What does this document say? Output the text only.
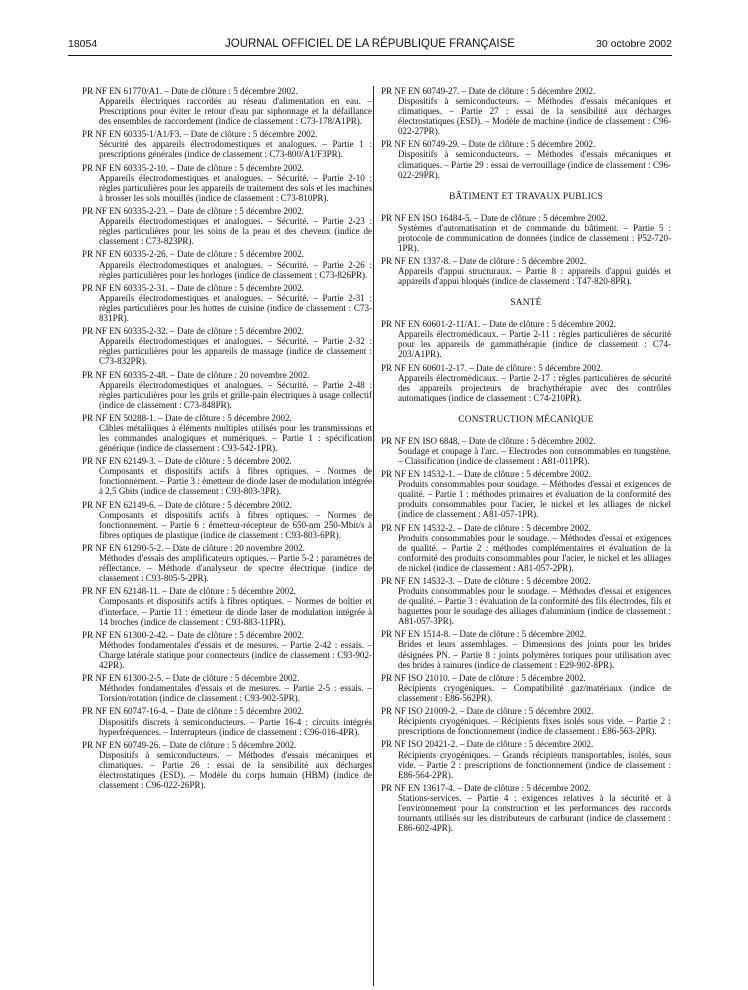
18054	JOURNAL OFFICIEL DE LA RÉPUBLIQUE FRANÇAISE	30 octobre 2002
PR NF EN 61770/A1. – Date de clôture : 5 décembre 2002.
Appareils électriques raccordés au réseau d'alimentation en eau. – Prescriptions pour éviter le retour d'eau par siphonnage et la défaillance des ensembles de raccordement (indice de classement : C73-178/A1PR).
PR NF EN 60335-1/A1/F3. – Date de clôture : 5 décembre 2002.
Sécurité des appareils électrodomestiques et analogues. – Partie 1 : prescriptions générales (indice de classement : C73-800/A1/F3PR).
PR NF EN 60335-2-10. – Date de clôture : 5 décembre 2002.
Appareils électrodomestiques et analogues. – Sécurité. – Partie 2-10 : règles particulières pour les appareils de traitement des sols et les machines à brosser les sols mouillés (indice de classement : C73-810PR).
PR NF EN 60335-2-23. – Date de clôture : 5 décembre 2002.
Appareils électrodomestiques et analogues. – Sécurité. – Partie 2-23 : règles particulières pour les soins de la peau et des cheveux (indice de classement : C73-823PR).
PR NF EN 60335-2-26. – Date de clôture : 5 décembre 2002.
Appareils électrodomestiques et analogues. – Sécurité. – Partie 2-26 : règles particulières pour les horloges (indice de classement : C73-826PR).
PR NF EN 60335-2-31. – Date de clôture : 5 décembre 2002.
Appareils électrodomestiques et analogues. – Sécurité. – Partie 2-31 : règles particulières pour les hottes de cuisine (indice de classement : C73-831PR).
PR NF EN 60335-2-32. – Date de clôture : 5 décembre 2002.
Appareils électrodomestiques et analogues. – Sécurité. – Partie 2-32 : règles particulières pour les appareils de massage (indice de classement : C73-832PR).
PR NF EN 60335-2-48. – Date de clôture : 20 novembre 2002.
Appareils électrodomestiques et analogues. – Sécurité. – Partie 2-48 : règles particulières pour les grils et grille-pain électriques à usage collectif (indice de classement : C73-848PR).
PR NF EN 50288-1. – Date de clôture : 5 décembre 2002.
Câbles métalliques à éléments multiples utilisés pour les transmissions et les commandes analogiques et numériques. – Partie 1 : spécification générique (indice de classement : C93-542-1PR).
PR NF EN 62149-3. – Date de clôture : 5 décembre 2002.
Composants et dispositifs actifs à fibres optiques. – Normes de fonctionnement. – Partie 3 : émetteur de diode laser de modulation intégrée à 2,5 Gbits (indice de classement : C93-803-3PR).
PR NF EN 62149-6. – Date de clôture : 5 décembre 2002.
Composants et dispositifs actifs à fibres optiques. – Normes de fonctionnement. – Partie 6 : émetteur-récepteur de 650-nm 250-Mbit/s à fibres optiques de plastique (indice de classement : C93-803-6PR).
PR NF EN 61290-5-2. – Date de clôture : 20 novembre 2002.
Méthodes d'essais des amplificateurs optiques. – Partie 5-2 : paramètres de réflectance. – Méthode d'analyseur de spectre électrique (indice de classement : C93-805-5-2PR).
PR NF EN 62148-11. – Date de clôture : 5 décembre 2002.
Composants et dispositifs actifs à fibres optiques. – Normes de boîtier et d'interface. – Partie 11 : émetteur de diode laser de modulation intégrée à 14 broches (indice de classement : C93-883-11PR).
PR NF EN 61300-2-42. – Date de clôture : 5 décembre 2002.
Méthodes fondamentales d'essais et de mesures. – Partie 2-42 : essais. – Charge latérale statique pour connecteurs (indice de classement : C93-902-42PR).
PR NF EN 61300-2-5. – Date de clôture : 5 décembre 2002.
Méthodes fondamentales d'essais et de mesures. – Partie 2-5 : essais. – Torsion/rotation (indice de classement : C93-902-5PR).
PR NF EN 60747-16-4. – Date de clôture : 5 décembre 2002.
Dispositifs discrets à semiconducteurs. – Partie 16-4 : circuits intégrés hyperfréquences. – Interrupteurs (indice de classement : C96-016-4PR).
PR NF EN 60749-26. – Date de clôture : 5 décembre 2002.
Dispositifs à semiconducteurs. – Méthodes d'essais mécaniques et climatiques. – Partie 26 : essai de la sensibilité aux décharges électrostatiques (ESD). – Modèle du corps humain (HBM) (indice de classement : C96-022-26PR).
PR NF EN 60749-27. – Date de clôture : 5 décembre 2002.
Dispositifs à semiconducteurs. – Méthodes d'essais mécaniques et climatiques. – Partie 27 : essai de la sensibilité aux décharges électrostatiques (ESD). – Modèle de machine (indice de classement : C96-022-27PR).
PR NF EN 60749-29. – Date de clôture : 5 décembre 2002.
Dispositifs à semiconducteurs. – Méthodes d'essais mécaniques et climatiques. – Partie 29 : essai de verrouillage (indice de classement : C96-022-29PR).
BÂTIMENT ET TRAVAUX PUBLICS
PR NF EN ISO 16484-5. – Date de clôture : 5 décembre 2002.
Systèmes d'automatisation et de commande du bâtiment. – Partie 5 : protocole de communication de données (indice de classement : P52-720-1PR).
PR NF EN 1337-8. – Date de clôture : 5 décembre 2002.
Appareils d'appui structuraux. – Partie 8 : appareils d'appui guidés et appareils d'appui bloqués (indice de classement : T47-820-8PR).
SANTÉ
PR NF EN 60601-2-11/A1. – Date de clôture : 5 décembre 2002.
Appareils électromédicaux. – Partie 2-11 : règles particulières de sécurité pour les appareils de gammathérapie (indice de classement : C74-203/A1PR).
PR NF EN 60601-2-17. – Date de clôture : 5 décembre 2002.
Appareils électromédicaux. – Partie 2-17 : règles particulières de sécurité des appareils projecteurs de brachythérapie avec des contrôles automatiques (indice de classement : C74-210PR).
CONSTRUCTION MÉCANIQUE
PR NF EN ISO 6848. – Date de clôture : 5 décembre 2002.
Soudage et coupage à l'arc. – Electrodes non consommables en tungstène. – Classification (indice de classement : A81-011PR).
PR NF EN 14532-1. – Date de clôture : 5 décembre 2002.
Produits consommables pour soudage. – Méthodes d'essai et exigences de qualité. – Partie 1 : méthodes primaires et évaluation de la conformité des produits consommables pour l'acier, le nickel et les alliages de nickel (indice de classement : A81-057-1PR).
PR NF EN 14532-2. – Date de clôture : 5 décembre 2002.
Produits consommables pour le soudage. – Méthodes d'essai et exigences de qualité. – Partie 2 : méthodes complémentaires et évaluation de la conformité des produits consommables pour l'acier, le nickel et les alliages de nickel (indice de classement : A81-057-2PR).
PR NF EN 14532-3. – Date de clôture : 5 décembre 2002.
Produits consommables pour le soudage. – Méthodes d'essai et exigences de qualité. – Partie 3 : évaluation de la conformité des fils électrodes, fils et baguettes pour le soudage des alliages d'aluminium (indice de classement : A81-057-3PR).
PR NF EN 1514-8. – Date de clôture : 5 décembre 2002.
Brides et leurs assemblages. – Dimensions des joints pour les brides désignées PN. – Partie 8 : joints polymères toriques pour utilisation avec des brides à rainures (indice de classement : E29-902-8PR).
PR NF ISO 21010. – Date de clôture : 5 décembre 2002.
Récipients cryogéniques. – Compatibilité gaz/matériaux (indice de classement : E86-562PR).
PR NF ISO 21009-2. – Date de clôture : 5 décembre 2002.
Récipients cryogéniques. – Récipients fixes isolés sous vide. – Partie 2 : prescriptions de fonctionnement (indice de classement : E86-563-2PR).
PR NF ISO 20421-2. – Date de clôture : 5 décembre 2002.
Récipients cryogéniques. – Grands récipients transportables, isolés, sous vide. – Partie 2 : prescriptions de fonctionnement (indice de classement : E86-564-2PR).
PR NF EN 13617-4. – Date de clôture : 5 décembre 2002.
Stations-services. – Partie 4 : exigences relatives à la sécurité et à l'environnement pour la construction et les performances des raccords tournants utilisés sur les distributeurs de carburant (indice de classement : E86-602-4PR).
